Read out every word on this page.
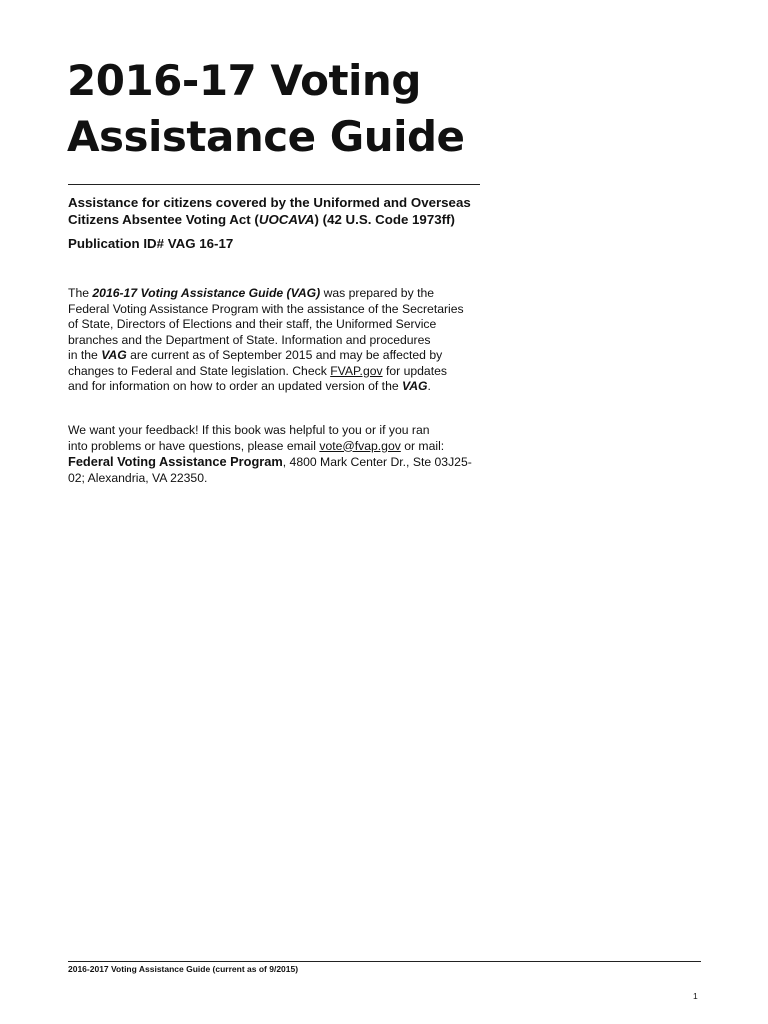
2016-17 Voting
Assistance Guide

Assistance for citizens covered by the Uniformed and Overseas
Citizens Absentee Voting Act (UOCAVA) (42 U.S. Code 1973ff)

Publication ID# VAG 16-17

The 2016-17 Voting Assistance Guide (VAG) was prepared by the
Federal Voting Assistance Program with the assistance of the Secretaries
of State, Directors of Elections and their staff, the Uniformed Service
branches and the Department of State. Information and procedures
in the VAG are current as of September 2015 and may be affected by
changes to Federal and State legislation. Check FVAP.gov for updates
and for information on how to order an updated version of the VAG.
We want your feedback! If this book was helpful to you or if you ran
into problems or have questions, please email vote@fvap.gov or mail:
Federal Voting Assistance Program, 4800 Mark Center Dr., Ste 03J25-
02; Alexandria, VA 22350.

2016-2017 Voting Assistance Guide (current as of 9/2015)

1
